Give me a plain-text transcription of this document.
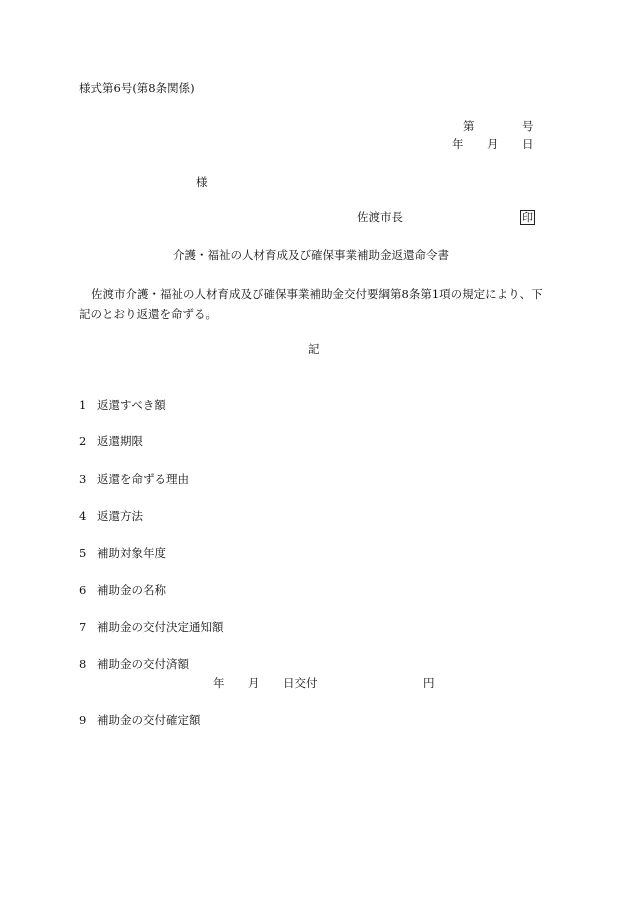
様式第6号(第8条関係)
第	号
年 月 日
様
佐渡市長	印
介護・福祉の人材育成及び確保事業補助金返還命令書
佐渡市介護・福祉の人材育成及び確保事業補助金交付要綱第8条第1項の規定により、下記のとおり返還を命ずる。
記
1 返還すべき額
2 返還期限
3 返還を命ずる理由
4 返還方法
5 補助対象年度
6 補助金の名称
7 補助金の交付決定通知額
8 補助金の交付済額
年 月 日交付	円
9 補助金の交付確定額
